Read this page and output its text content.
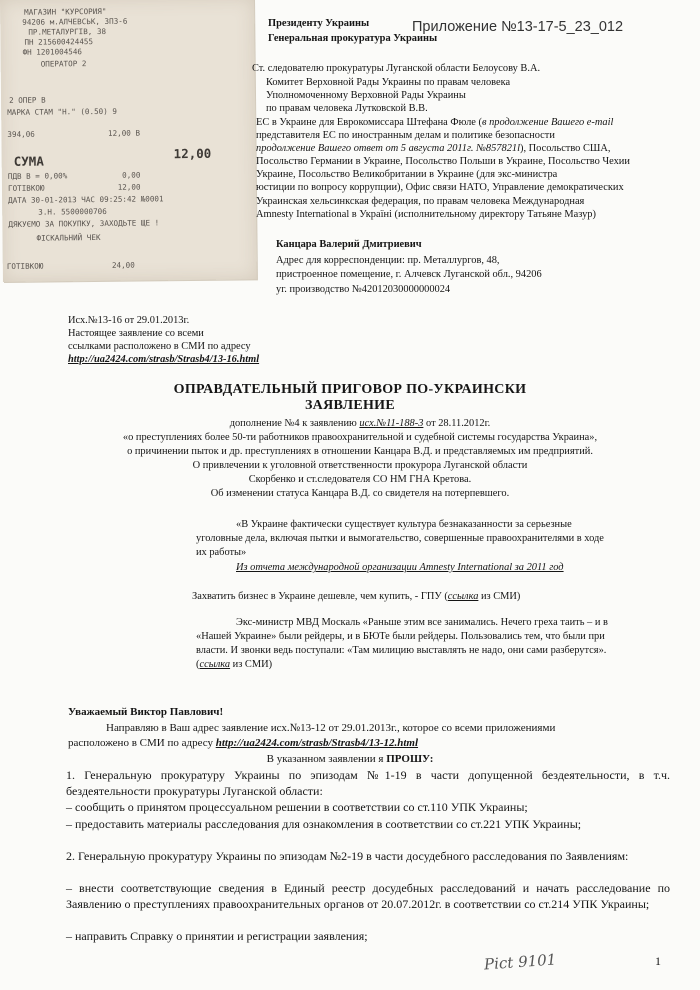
МАГАЗИН "КУРСОРИЯ"
94206 м.АЛЧЕВСЬК, ЗПЗ-6
ПР.МЕТАЛУРГІВ, 38
ПН 215600424455
ФН 1201004546
ОПЕРАТОР 2
2 ОПЕР В
МАРКА СТАМ "Н." (0.50) 9
394,06                12,00 В
СУМА
12,00
ПДВ В = 0,00%            0,00
ГОТІВКОЮ                12,00
ДАТА 30-01-2013 ЧАС 09:25:42 №0001
3.Н. 5500000706
ДЯКУЄМО ЗА ПОКУПКУ, ЗАХОДЬТЕ ЩЕ !
ФІСКАЛЬНИЙ ЧЕК
ГОТІВКОЮ               24,00
Приложение №13-17-5_23_012
Президенту Украины
Генеральная прокуратура Украины
Ст. следователю прокуратуры Луганской области Белоусову В.А.
Комитет Верховной Рады Украины по правам человека
Уполномоченному Верховной Рады Украины
по правам человека Лутковской В.В.
ЕС в Украине для Еврокомиссара Штефана Фюле (в продолжение Вашего e-mail
представителя ЕС по иностранным делам и политике безопасности
продолжение Вашего ответ от 5 августа 2011г. №857821l), Посольство США,
Посольство Германии в Украине, Посольство Польши в Украине, Посольство Чехии
Украине, Посольство Великобритании в Украине (для экс-министра
юстиции по вопросу коррупции), Офис связи НАТО, Управление демократических
Украинская хельсинкская федерация, по правам человека Международная
Amnesty International в Україні (исполнительному директору Татьяне Мазур)
Канцара Валерий Дмитриевич
Адрес для корреспонденции: пр. Металлургов, 48,
пристроенное помещение, г. Алчевск Луганской обл., 94206
уг. производство №42012030000000024
Исх.№13-16 от 29.01.2013г.
Настоящее заявление со всеми
ссылками расположено в СМИ по адресу
http://ua2424.com/strasb/Strasb4/13-16.html
ОПРАВДАТЕЛЬНЫЙ ПРИГОВОР ПО-УКРАИНСКИ
ЗАЯВЛЕНИЕ
дополнение №4 к заявлению исх.№11-188-3 от 28.11.2012г.
«о преступлениях более 50-ти работников правоохранительной и судебной системы государства Украина»,
о причинении пыток и др. преступлениях в отношении Канцара В.Д. и представляемых им предприятий.
О привлечении к уголовной ответственности прокурора Луганской области
Скорбенко и ст.следователя СО НМ ГНА Кретова.
Об изменении статуса Канцара В.Д. со свидетеля на потерпевшего.
«В Украине фактически существует культура безнаказанности за серьезные
уголовные дела, включая пытки и вымогательство, совершенные правоохранителями в ходе
их работы»
Из отчета международной организации Amnesty International за 2011 год
Захватить бизнес в Украине дешевле, чем купить, - ГПУ (ссылка из СМИ)
Экс-министр МВД Москаль «Раньше этим все занимались. Нечего греха таить – и в
«Нашей Украине» были рейдеры, и в БЮТе были рейдеры. Пользовались тем, что были при
власти. И звонки ведь поступали: «Там милицию выставлять не надо, они сами разберутся».
(ссылка из СМИ)
Уважаемый Виктор Павлович!
Направляю в Ваш адрес заявление исх.№13-12 от 29.01.2013г., которое со всеми приложениями
расположено в СМИ по адресу http://ua2424.com/strasb/Strasb4/13-12.html
В указанном заявлении я ПРОШУ:
1. Генеральную прокуратуру Украины по эпизодам №1-19 в части допущенной бездеятельности, в т.ч. бездеятельности прокуратуры Луганской области:
– сообщить о принятом процессуальном решении в соответствии со ст.110 УПК Украины;
– предоставить материалы расследования для ознакомления в соответствии со ст.221 УПК Украины;
2. Генеральную прокуратуру Украины по эпизодам №2-19 в части досудебного расследования по Заявлениям:
– внести соответствующие сведения в Единый реестр досудебных расследований и начать расследование по Заявлению о преступлениях правоохранительных органов от 20.07.2012г. в соответствии со ст.214 УПК Украины;
– направить Справку о принятии и регистрации заявления;
Pict 9101	1
